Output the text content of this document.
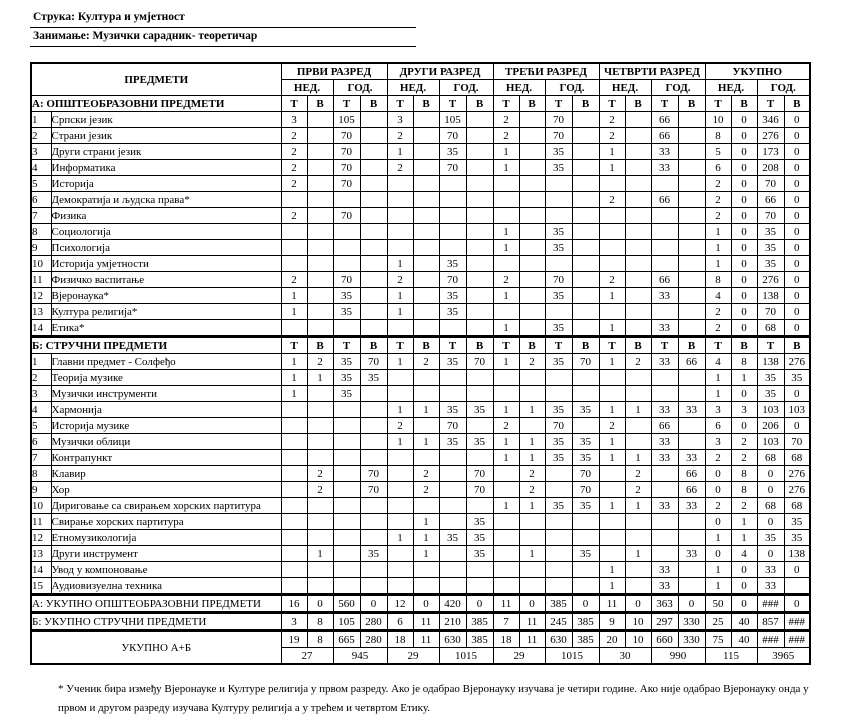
Струка: Култура и умјетност
Занимање: Музички сарадник- теоретичар
ПРЕДМЕТИ		ПРВИ РАЗРЕД				ДРУГИ РАЗРЕД				ТРЕЋИ РАЗРЕД				ЧЕТВРТИ РАЗРЕД				УКУПНО			
		НЕД.		ГОД.		НЕД.		ГОД.		НЕД.		ГОД.		НЕД.		ГОД.		НЕД.		ГОД.	
А: ОПШТЕОБРАЗОВНИ ПРЕДМЕТИ		Т	В	Т	В	Т	В	Т	В	Т	В	Т	В	Т	В	Т	В	Т	В	Т	В
1	Српски језик	3		105		3		105		2		70		2		66		10	0	346	0
2	Страни језик	2		70		2		70		2		70		2		66		8	0	276	0
3	Други страни језик	2		70		1		35		1		35		1		33		5	0	173	0
4	Информатика	2		70		2		70		1		35		1		33		6	0	208	0
5	Историја	2		70														2	0	70	0
6	Демократија и људска права*													2		66		2	0	66	0
7	Физика	2		70														2	0	70	0
8	Социологија									1		35						1	0	35	0
9	Психологија									1		35						1	0	35	0
10	Историја умјетности					1		35										1	0	35	0
11	Физичко васпитање	2		70		2		70		2		70		2		66		8	0	276	0
12	Вјеронаука*	1		35		1		35		1		35		1		33		4	0	138	0
13	Култура религија*	1		35		1		35										2	0	70	0
14	Етика*									1		35		1		33		2	0	68	0
Б: СТРУЧНИ ПРЕДМЕТИ		Т	В	Т	В	Т	В	Т	В	Т	В	Т	В	Т	В	Т	В	Т	В	Т	В
1	Главни предмет - Солфеђо	1	2	35	70	1	2	35	70	1	2	35	70	1	2	33	66	4	8	138	276
2	Теорија музике	1	1	35	35													1	1	35	35
3	Музички инструменти	1		35														1	0	35	0
4	Хармонија					1	1	35	35	1	1	35	35	1	1	33	33	3	3	103	103
5	Историја музике					2		70		2		70		2		66		6	0	206	0
6	Музички облици					1	1	35	35	1	1	35	35	1		33		3	2	103	70
7	Контрапункт									1	1	35	35	1	1	33	33	2	2	68	68
8	Клавир		2		70		2		70		2		70		2		66	0	8	0	276
9	Хор		2		70		2		70		2		70		2		66	0	8	0	276
10	Дириговање са свирањем хорских партитура									1	1	35	35	1	1	33	33	2	2	68	68
11	Свирање хорских партитура						1		35									0	1	0	35
12	Етномузикологија					1	1	35	35									1	1	35	35
13	Други инструмент		1		35		1		35		1		35		1		33	0	4	0	138
14	Увод у компоновање													1		33		1	0	33	0
15	Аудиовизуелна техника													1		33		1	0	33	
А: УКУПНО ОПШТЕОБРАЗОВНИ ПРЕДМЕТИ		16	0	560	0	12	0	420	0	11	0	385	0	11	0	363	0	50	0	###	0
Б: УКУПНО СТРУЧНИ ПРЕДМЕТИ		3	8	105	280	6	11	210	385	7	11	245	385	9	10	297	330	25	40	857	###
УКУПНО А+Б		19	8	665	280	18	11	630	385	18	11	630	385	20	10	660	330	75	40	###	###
		27		945		29		1015		29		1015		30		990		115		3965	
* Ученик бира између Вјеронауке и Културе религија у првом разреду. Ако је одабрао Вјеронауку изучава је четири године. Ако није одабрао Вјеронауку онда у првом и другом разреду изучава Културу религија а у трећем и четвртом Етику.
